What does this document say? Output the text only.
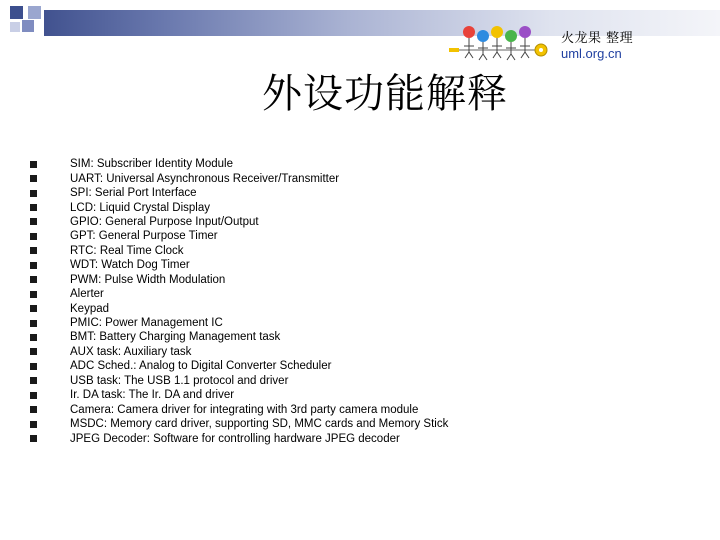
火龙果 整理
uml.org.cn
外设功能解释
SIM: Subscriber Identity Module
UART: Universal Asynchronous Receiver/Transmitter
SPI: Serial Port Interface
LCD: Liquid Crystal Display
GPIO: General Purpose Input/Output
GPT: General Purpose Timer
RTC: Real Time Clock
WDT: Watch Dog Timer
PWM: Pulse Width Modulation
Alerter
Keypad
PMIC: Power Management IC
BMT: Battery Charging Management task
AUX task: Auxiliary task
ADC Sched.: Analog to Digital Converter Scheduler
USB task: The USB 1.1 protocol and driver
Ir. DA task: The Ir. DA and driver
Camera: Camera driver for integrating with 3rd party camera module
MSDC: Memory card driver, supporting SD, MMC cards and Memory Stick
JPEG Decoder: Software for controlling hardware JPEG decoder
